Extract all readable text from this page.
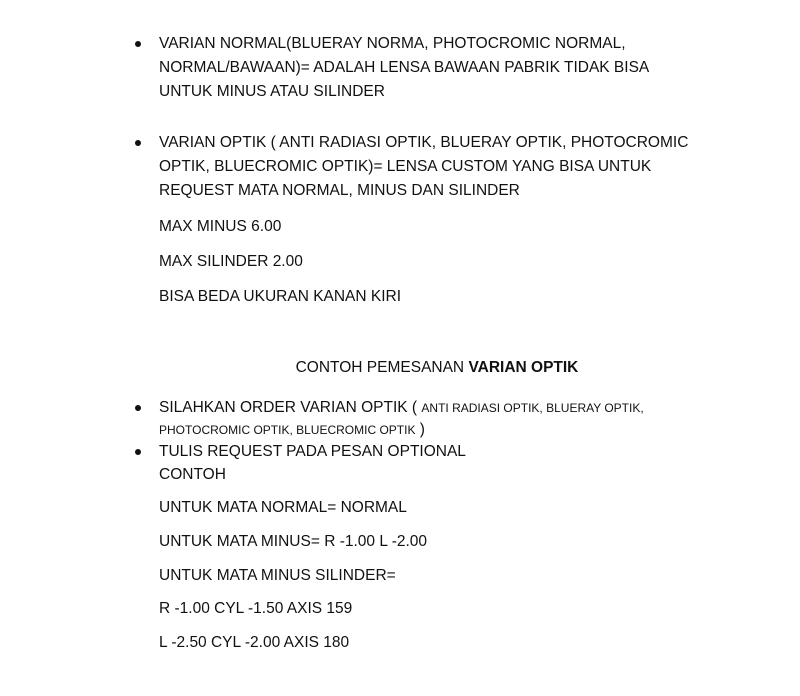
VARIAN NORMAL(BLUERAY NORMA, PHOTOCROMIC NORMAL,
NORMAL/BAWAAN)= ADALAH LENSA BAWAAN PABRIK TIDAK BISA
UNTUK MINUS ATAU SILINDER
VARIAN OPTIK ( ANTI RADIASI OPTIK, BLUERAY OPTIK, PHOTOCROMIC
OPTIK, BLUECROMIC OPTIK)= LENSA CUSTOM YANG BISA UNTUK
REQUEST MATA NORMAL, MINUS DAN SILINDER
MAX MINUS 6.00
MAX SILINDER 2.00
BISA BEDA UKURAN KANAN KIRI
CONTOH PEMESANAN VARIAN OPTIK
SILAHKAN ORDER VARIAN OPTIK ( ANTI RADIASI OPTIK, BLUERAY OPTIK,
PHOTOCROMIC OPTIK, BLUECROMIC OPTIK )
TULIS REQUEST PADA PESAN OPTIONAL
CONTOH
UNTUK MATA NORMAL= NORMAL
UNTUK MATA MINUS= R -1.00 L -2.00
UNTUK MATA MINUS SILINDER=
R -1.00 CYL -1.50 AXIS 159
L -2.50 CYL -2.00 AXIS 180
